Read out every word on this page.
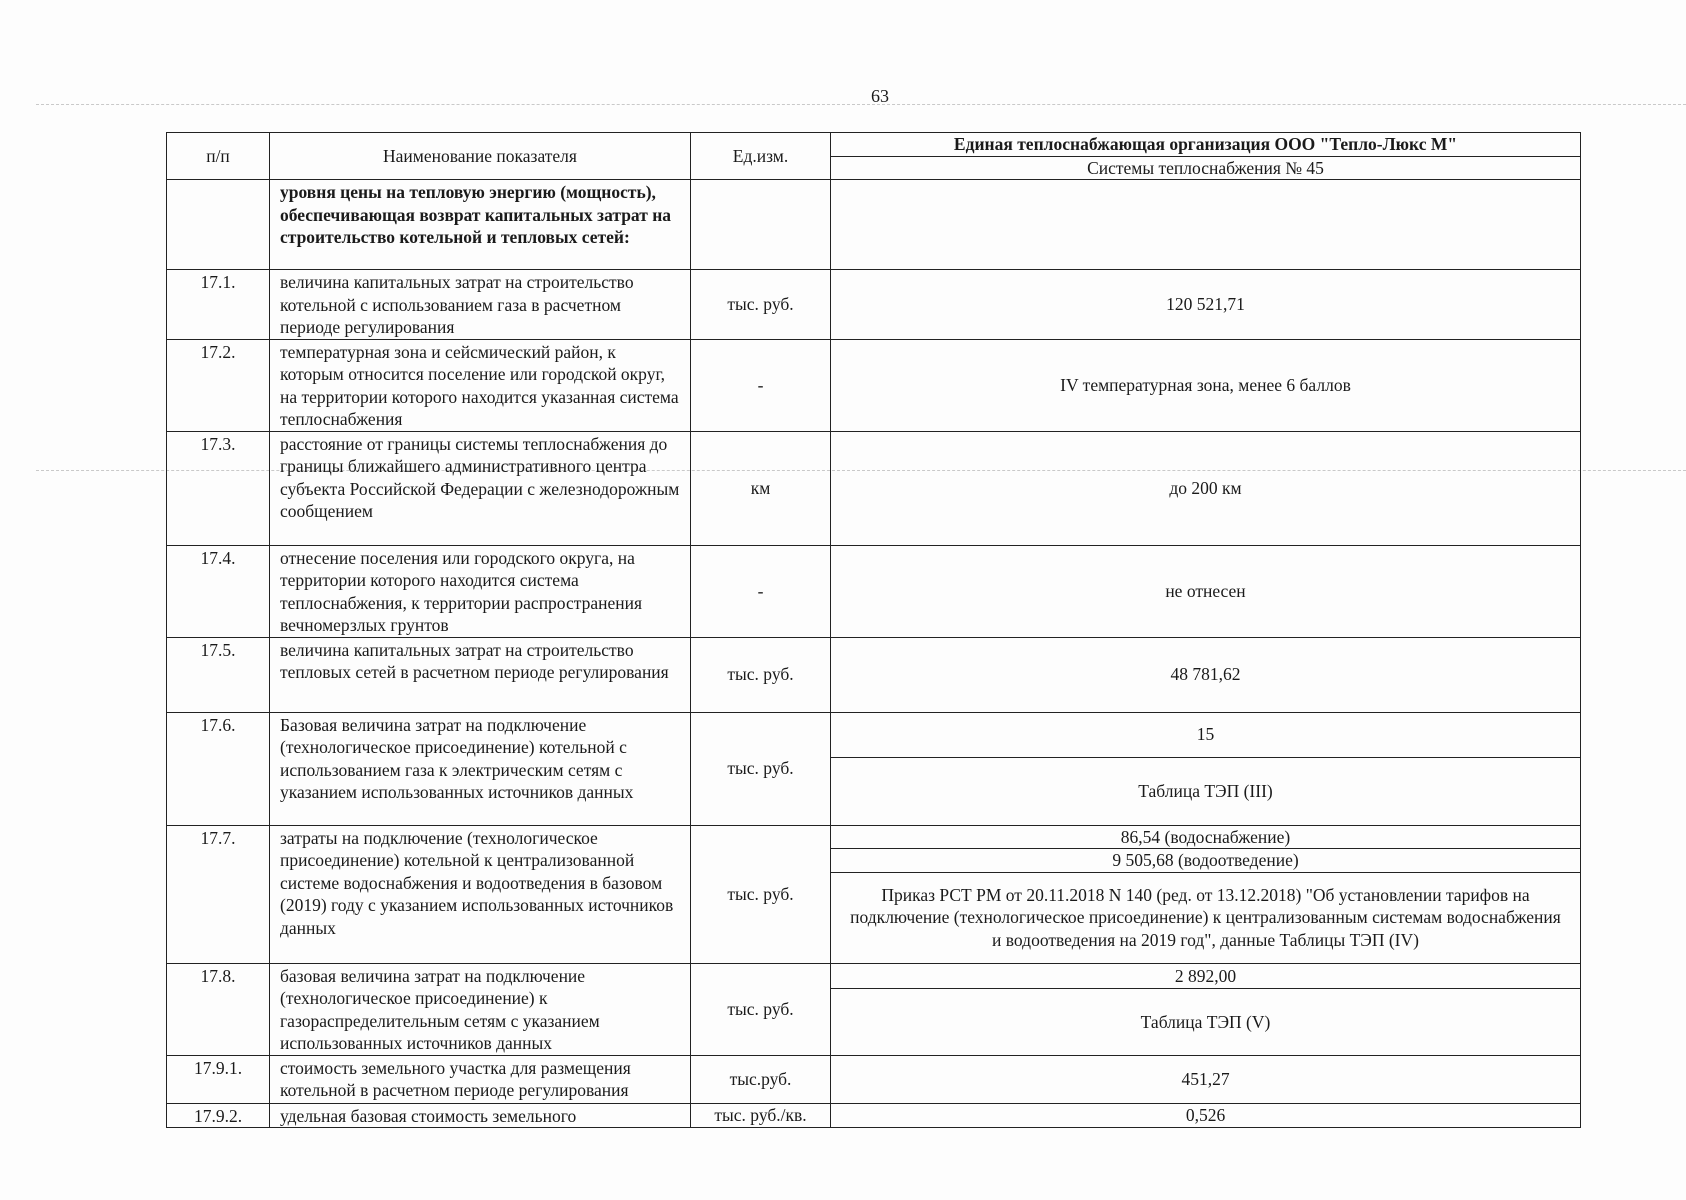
63
п/п	Наименование показателя	Ед.изм.	Единая теплоснабжающая организация ООО "Тепло-Люкс М"
			Системы теплоснабжения № 45
	уровня цены на тепловую энергию (мощность), обеспечивающая возврат капитальных затрат на строительство котельной и тепловых сетей:		
17.1.	величина капитальных затрат на строительство котельной с использованием газа в расчетном периоде регулирования	тыс. руб.	120 521,71
17.2.	температурная зона и сейсмический район, к которым относится поселение или городской округ, на территории которого находится указанная система теплоснабжения	-	IV температурная зона, менее 6 баллов
17.3.	расстояние от границы системы теплоснабжения до границы ближайшего административного центра субъекта Российской Федерации с железнодорожным сообщением	км	до 200 км
17.4.	отнесение поселения или городского округа, на территории которого находится система теплоснабжения, к территории распространения вечномерзлых грунтов	-	не отнесен
17.5.	величина капитальных затрат на строительство тепловых сетей в расчетном периоде регулирования	тыс. руб.	48 781,62
17.6.	Базовая величина затрат на подключение (технологическое присоединение) котельной с использованием газа к электрическим сетям с указанием использованных источников данных	тыс. руб.	15
			Таблица ТЭП (III)
17.7.	затраты на подключение (технологическое присоединение) котельной к централизованной системе водоснабжения и водоотведения в базовом (2019) году с указанием использованных источников данных	тыс. руб.	86,54 (водоснабжение)
			9 505,68 (водоотведение)
			Приказ РСТ РМ от 20.11.2018 N 140 (ред. от 13.12.2018) "Об установлении тарифов на подключение (технологическое присоединение) к централизованным системам водоснабжения и водоотведения на 2019 год", данные Таблицы ТЭП (IV)
17.8.	базовая величина затрат на подключение (технологическое присоединение) к газораспределительным сетям с указанием использованных источников данных	тыс. руб.	2 892,00
			Таблица ТЭП (V)
17.9.1.	стоимость земельного участка для размещения котельной в расчетном периоде регулирования	тыс.руб.	451,27
17.9.2.	удельная базовая стоимость земельного	тыс. руб./кв.	0,526
